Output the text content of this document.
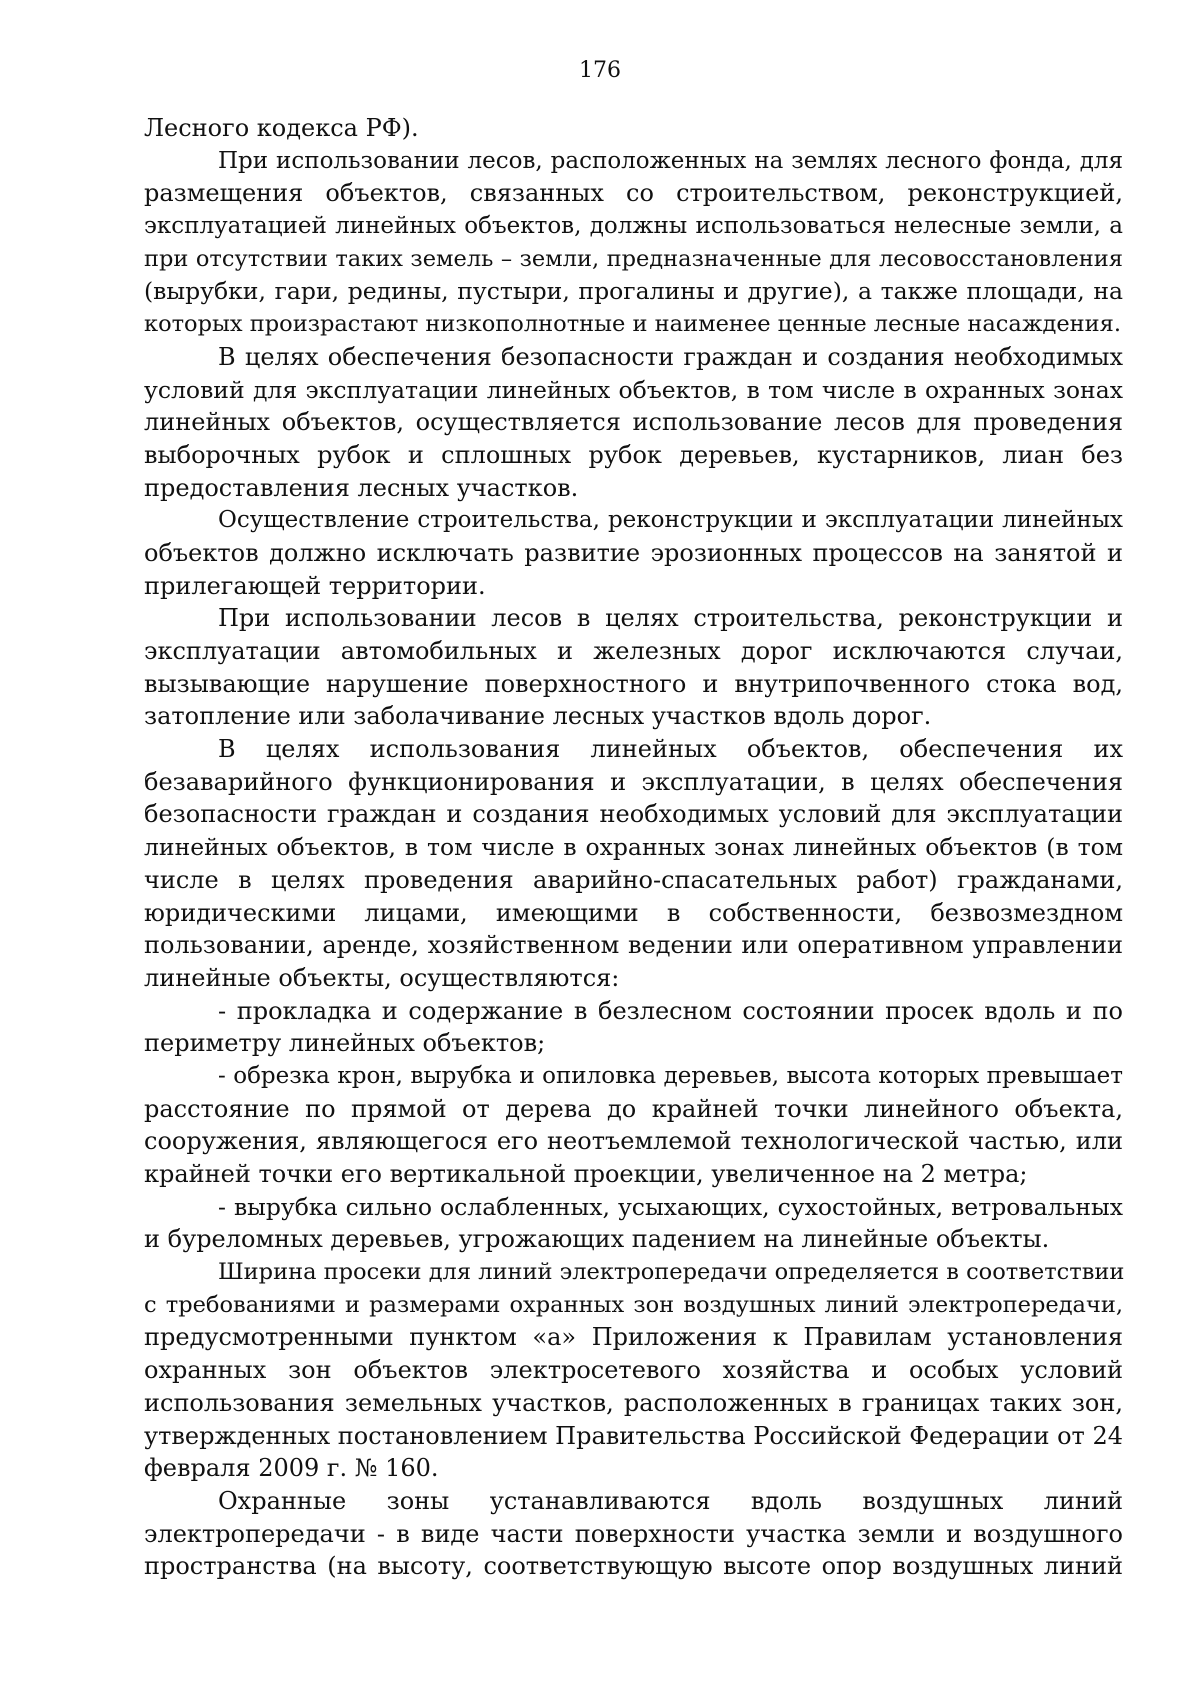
176
Лесного кодекса РФ).
При использовании лесов, расположенных на землях лесного фонда, для
размещения объектов, связанных со строительством, реконструкцией,
эксплуатацией линейных объектов, должны использоваться нелесные земли, а
при отсутствии таких земель – земли, предназначенные для лесовосстановления
(вырубки, гари, редины, пустыри, прогалины и другие), а также площади, на
которых произрастают низкополнотные и наименее ценные лесные насаждения.
В целях обеспечения безопасности граждан и создания необходимых
условий для эксплуатации линейных объектов, в том числе в охранных зонах
линейных объектов, осуществляется использование лесов для проведения
выборочных рубок и сплошных рубок деревьев, кустарников, лиан без
предоставления лесных участков.
Осуществление строительства, реконструкции и эксплуатации линейных
объектов должно исключать развитие эрозионных процессов на занятой и
прилегающей территории.
При использовании лесов в целях строительства, реконструкции и
эксплуатации автомобильных и железных дорог исключаются случаи,
вызывающие нарушение поверхностного и внутрипочвенного стока вод,
затопление или заболачивание лесных участков вдоль дорог.
В целях использования линейных объектов, обеспечения их
безаварийного функционирования и эксплуатации, в целях обеспечения
безопасности граждан и создания необходимых условий для эксплуатации
линейных объектов, в том числе в охранных зонах линейных объектов (в том
числе в целях проведения аварийно-спасательных работ) гражданами,
юридическими лицами, имеющими в собственности, безвозмездном
пользовании, аренде, хозяйственном ведении или оперативном управлении
линейные объекты, осуществляются:
- прокладка и содержание в безлесном состоянии просек вдоль и по
периметру линейных объектов;
- обрезка крон, вырубка и опиловка деревьев, высота которых превышает
расстояние по прямой от дерева до крайней точки линейного объекта,
сооружения, являющегося его неотъемлемой технологической частью, или
крайней точки его вертикальной проекции, увеличенное на 2 метра;
- вырубка сильно ослабленных, усыхающих, сухостойных, ветровальных
и буреломных деревьев, угрожающих падением на линейные объекты.
Ширина просеки для линий электропередачи определяется в соответствии
с требованиями и размерами охранных зон воздушных линий электропередачи,
предусмотренными пунктом «а» Приложения к Правилам установления
охранных зон объектов электросетевого хозяйства и особых условий
использования земельных участков, расположенных в границах таких зон,
утвержденных постановлением Правительства Российской Федерации от 24
февраля 2009 г. № 160.
Охранные зоны устанавливаются вдоль воздушных линий
электропередачи - в виде части поверхности участка земли и воздушного
пространства (на высоту, соответствующую высоте опор воздушных линий
